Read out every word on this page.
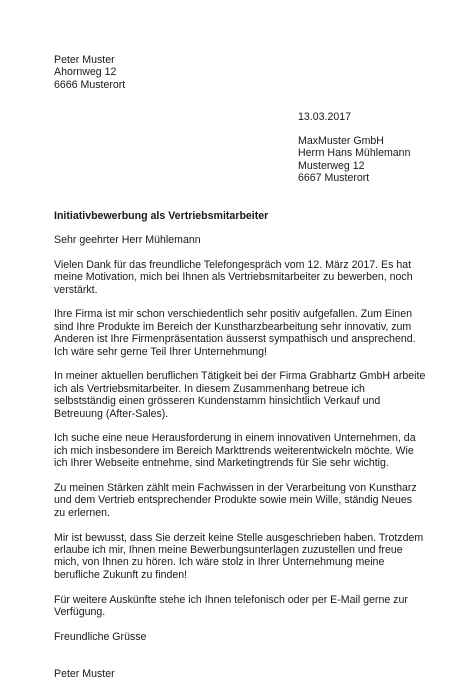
Peter Muster
Ahornweg 12
6666 Musterort
13.03.2017
MaxMuster GmbH
Herrn Hans Mühlemann
Musterweg 12
6667 Musterort
Initiativbewerbung als Vertriebsmitarbeiter

Sehr geehrter Herr Mühlemann

Vielen Dank für das freundliche Telefongespräch vom 12. März 2017. Es hat meine Motivation, mich bei Ihnen als Vertriebsmitarbeiter zu bewerben, noch verstärkt.

Ihre Firma ist mir schon verschiedentlich sehr positiv aufgefallen. Zum Einen sind Ihre Produkte im Bereich der Kunstharzbearbeitung sehr innovativ, zum Anderen ist Ihre Firmenpräsentation äusserst sympathisch und ansprechend. Ich wäre sehr gerne Teil Ihrer Unternehmung!

In meiner aktuellen beruflichen Tätigkeit bei der Firma Grabhartz GmbH arbeite ich als Vertriebsmitarbeiter. In diesem Zusammenhang betreue ich selbstständig einen grösseren Kundenstamm hinsichtlich Verkauf und Betreuung (After-Sales).

Ich suche eine neue Herausforderung in einem innovativen Unternehmen, da ich mich insbesondere im Bereich Markttrends weiterentwickeln möchte. Wie ich Ihrer Webseite entnehme, sind Marketingtrends für Sie sehr wichtig.

Zu meinen Stärken zählt mein Fachwissen in der Verarbeitung von Kunstharz und dem Vertrieb entsprechender Produkte sowie mein Wille, ständig Neues zu erlernen.

Mir ist bewusst, dass Sie derzeit keine Stelle ausgeschrieben haben. Trotzdem erlaube ich mir, Ihnen meine Bewerbungsunterlagen zuzustellen und freue mich, von Ihnen zu hören. Ich wäre stolz in Ihrer Unternehmung meine berufliche Zukunft zu finden!

Für weitere Auskünfte stehe ich Ihnen telefonisch oder per E-Mail gerne zur Verfügung.

Freundliche Grüsse

Peter Muster
